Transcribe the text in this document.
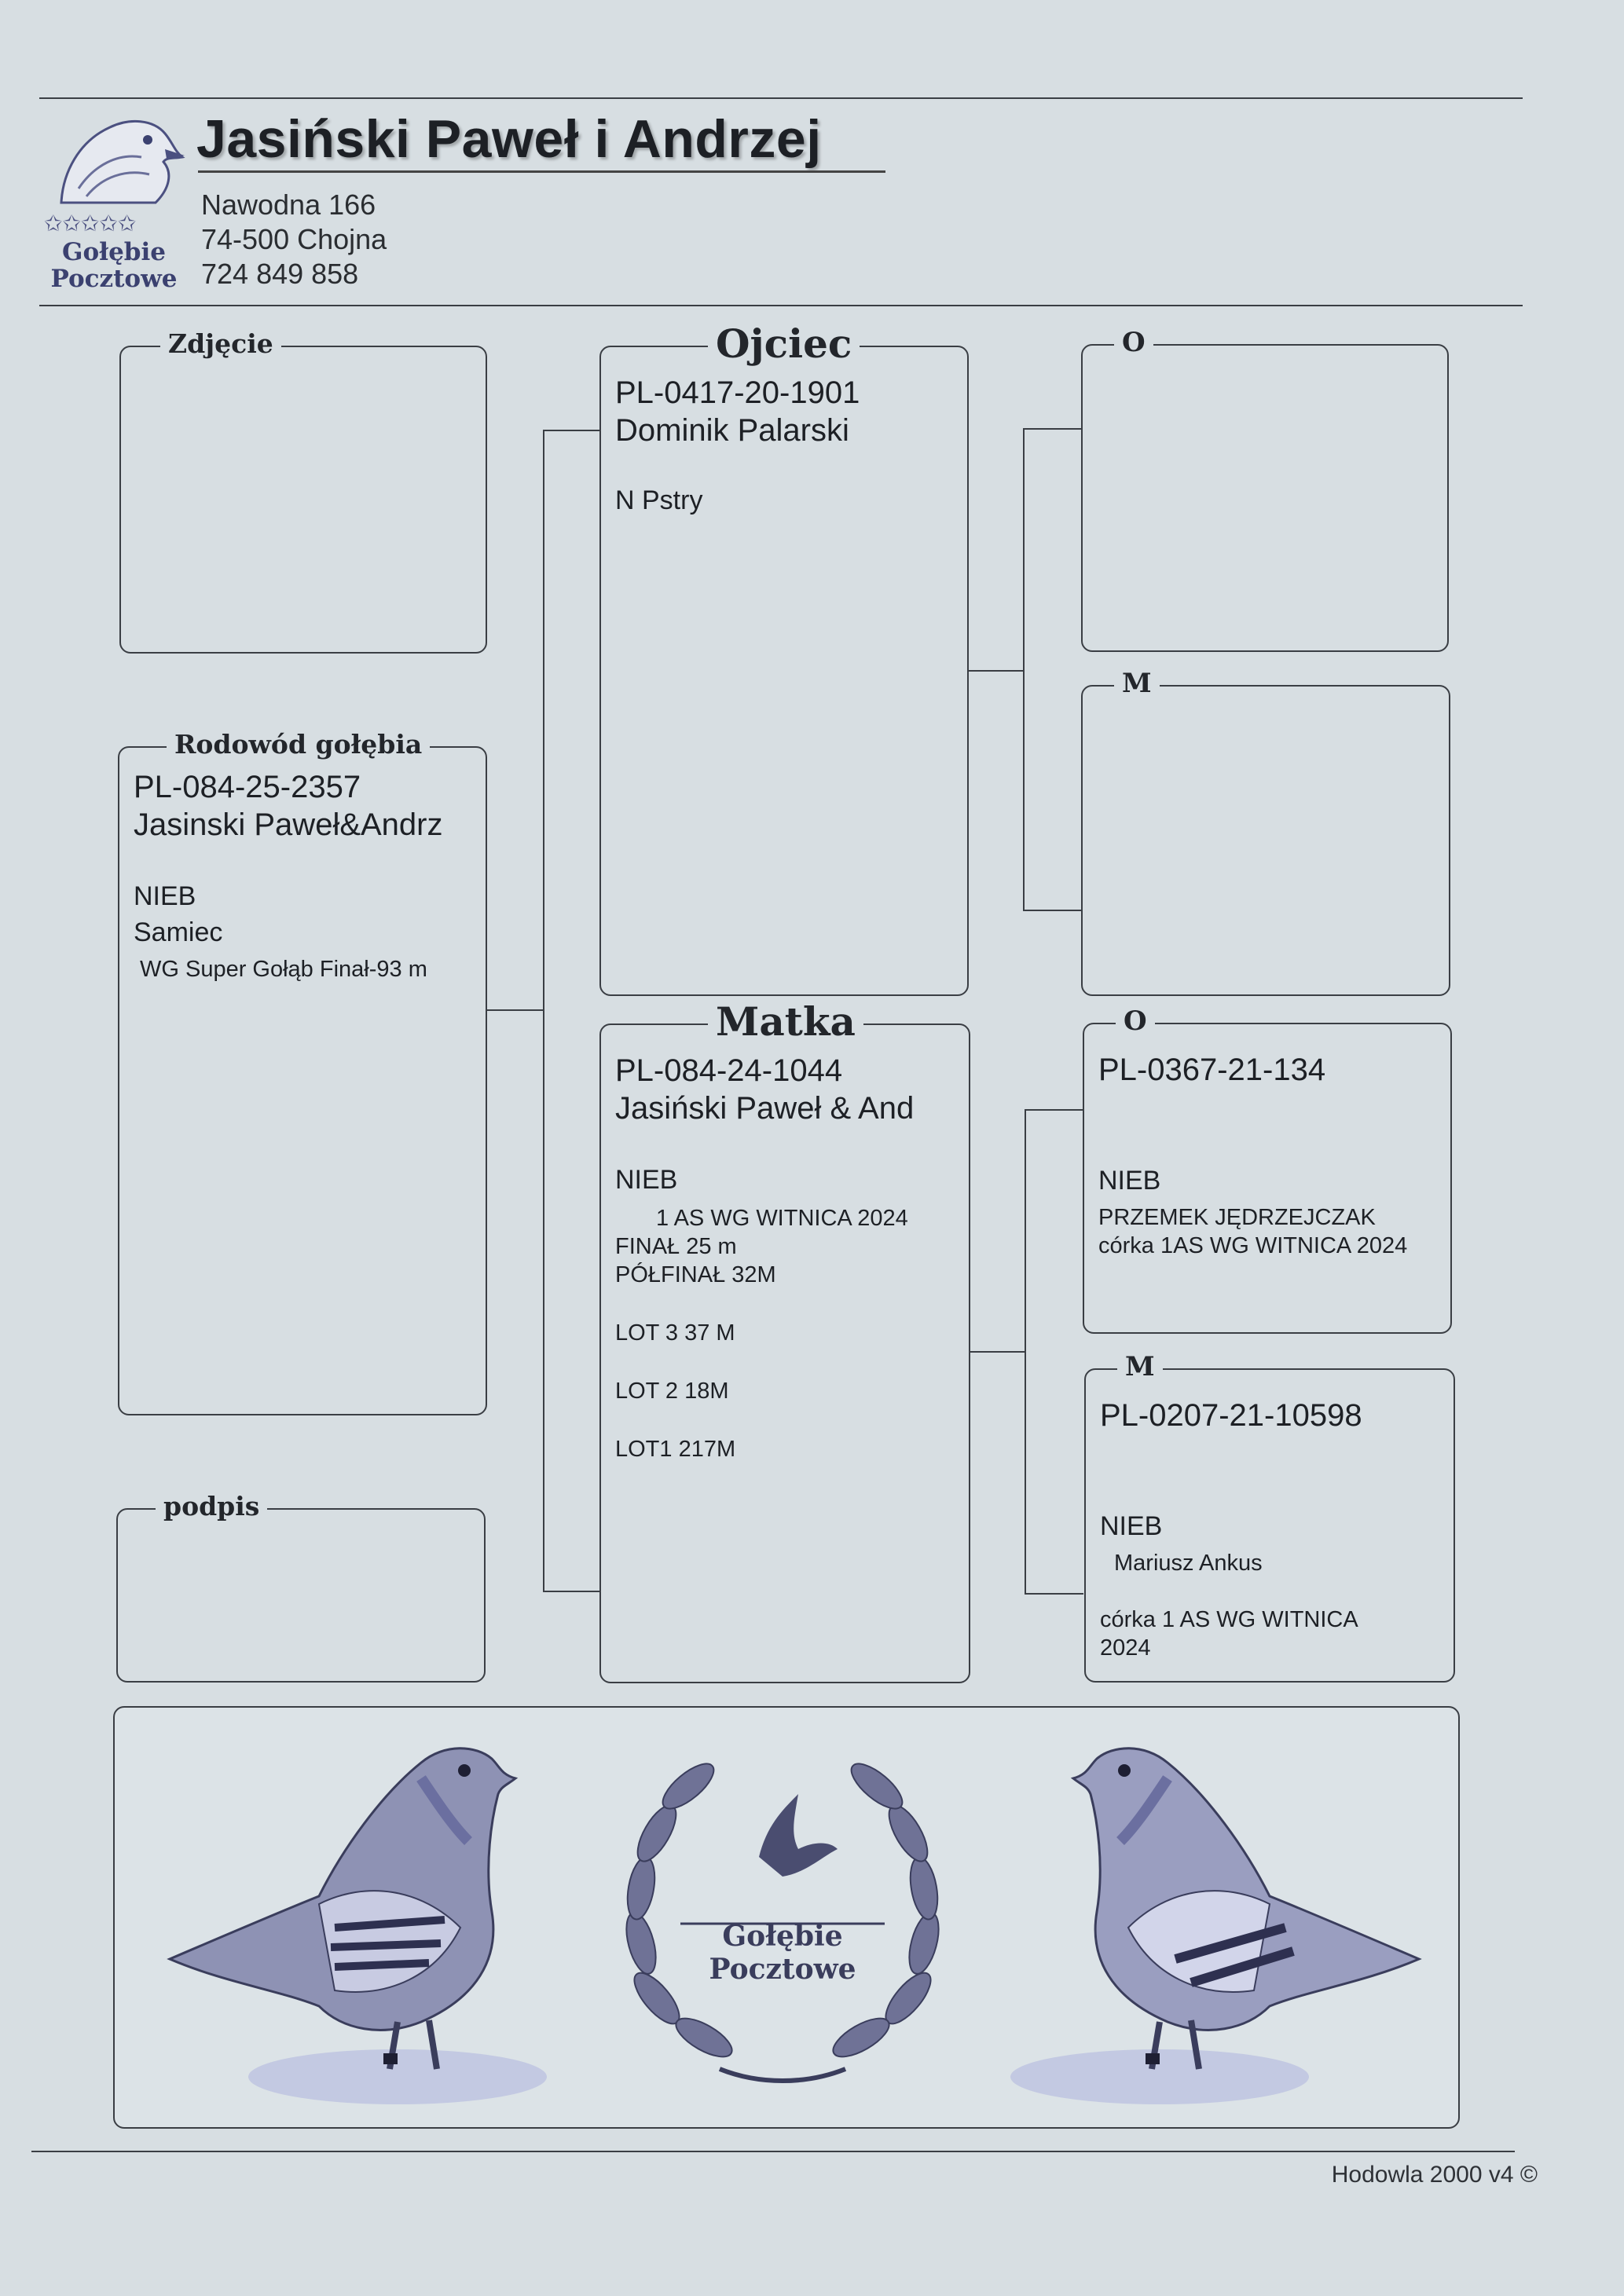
✩✩✩✩✩
Gołębie
Pocztowe
Jasiński Paweł i Andrzej
Nawodna 166
74-500 Chojna
724 849 858
Zdjęcie
Rodowód gołębia
PL-084-25-2357
Jasinski Paweł&Andrz
NIEB
Samiec
WG Super Gołąb Finał-93 m
podpis
Ojciec
PL-0417-20-1901
Dominik Palarski
N Pstry
Matka
PL-084-24-1044
Jasiński Paweł & And
NIEB
1 AS WG WITNICA 2024
FINAŁ 25 m
PÓŁFINAŁ 32M
LOT 3 37 M
LOT 2 18M
LOT1 217M
O
M
O
PL-0367-21-134
NIEB
PRZEMEK JĘDRZEJCZAK
córka 1AS WG WITNICA 2024
M
PL-0207-21-10598
NIEB
Mariusz Ankus
córka 1 AS WG WITNICA
2024
Gołębie
Pocztowe
Hodowla 2000 v4 ©
